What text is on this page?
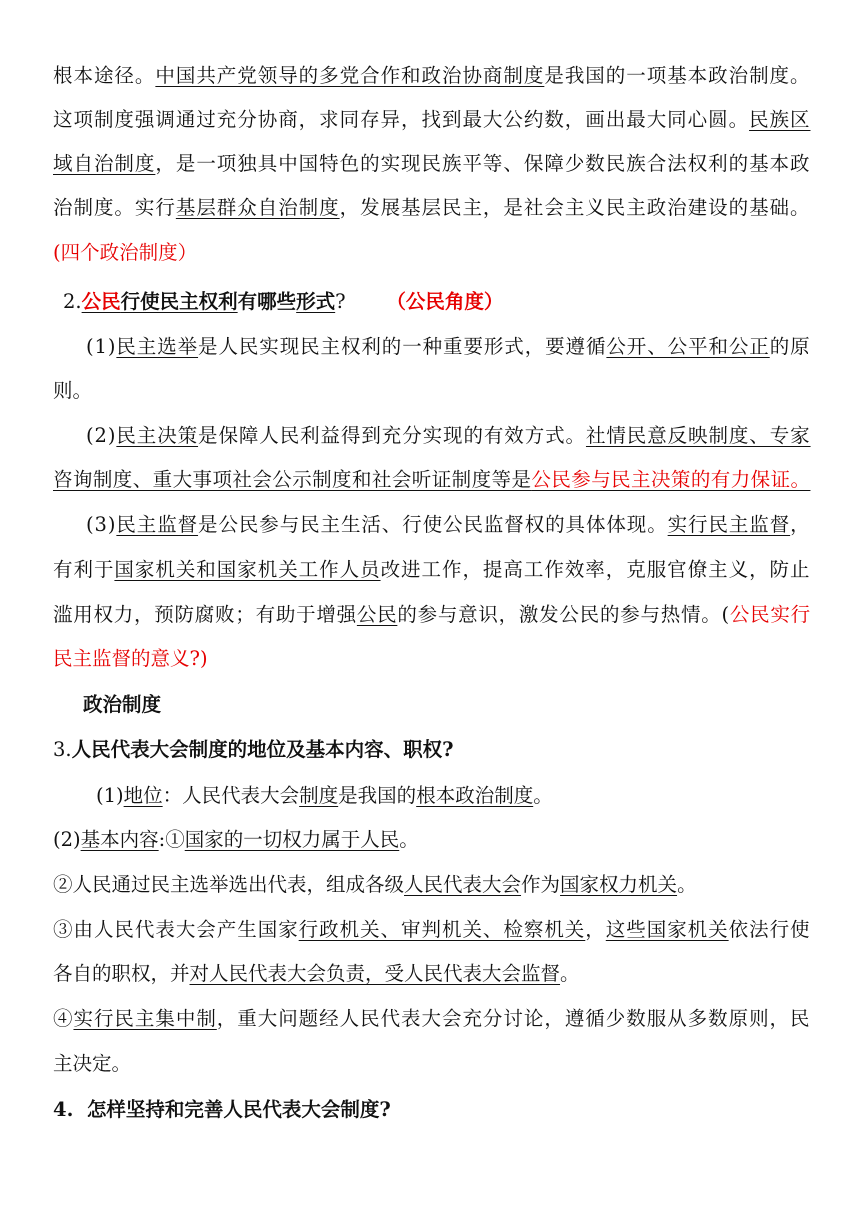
根本途径。中国共产党领导的多党合作和政治协商制度是我国的一项基本政治制度。
这项制度强调通过充分协商，求同存异，找到最大公约数，画出最大同心圆。民族区
域自治制度，是一项独具中国特色的实现民族平等、保障少数民族合法权利的基本政
治制度。实行基层群众自治制度，发展基层民主，是社会主义民主政治建设的基础。
(四个政治制度）
2.公民行使民主权利有哪些形式?      （公民角度）
(1)民主选举是人民实现民主权利的一种重要形式，要遵循公开、公平和公正的原
则。
(2)民主决策是保障人民利益得到充分实现的有效方式。社情民意反映制度、专家
咨询制度、重大事项社会公示制度和社会听证制度等是公民参与民主决策的有力保证。
(3)民主监督是公民参与民主生活、行使公民监督权的具体体现。实行民主监督，
有利于国家机关和国家机关工作人员改进工作，提高工作效率，克服官僚主义，防止
滥用权力，预防腐败；有助于增强公民的参与意识，激发公民的参与热情。(公民实行
民主监督的意义?)
政治制度
3.人民代表大会制度的地位及基本内容、职权?
(1)地位：人民代表大会制度是我国的根本政治制度。
(2)基本内容:①国家的一切权力属于人民。
②人民通过民主选举选出代表，组成各级人民代表大会作为国家权力机关。
③由人民代表大会产生国家行政机关、审判机关、检察机关，这些国家机关依法行使
各自的职权，并对人民代表大会负责，受人民代表大会监督。
④实行民主集中制，重大问题经人民代表大会充分讨论，遵循少数服从多数原则，民
主决定。
4.  怎样坚持和完善人民代表大会制度?
